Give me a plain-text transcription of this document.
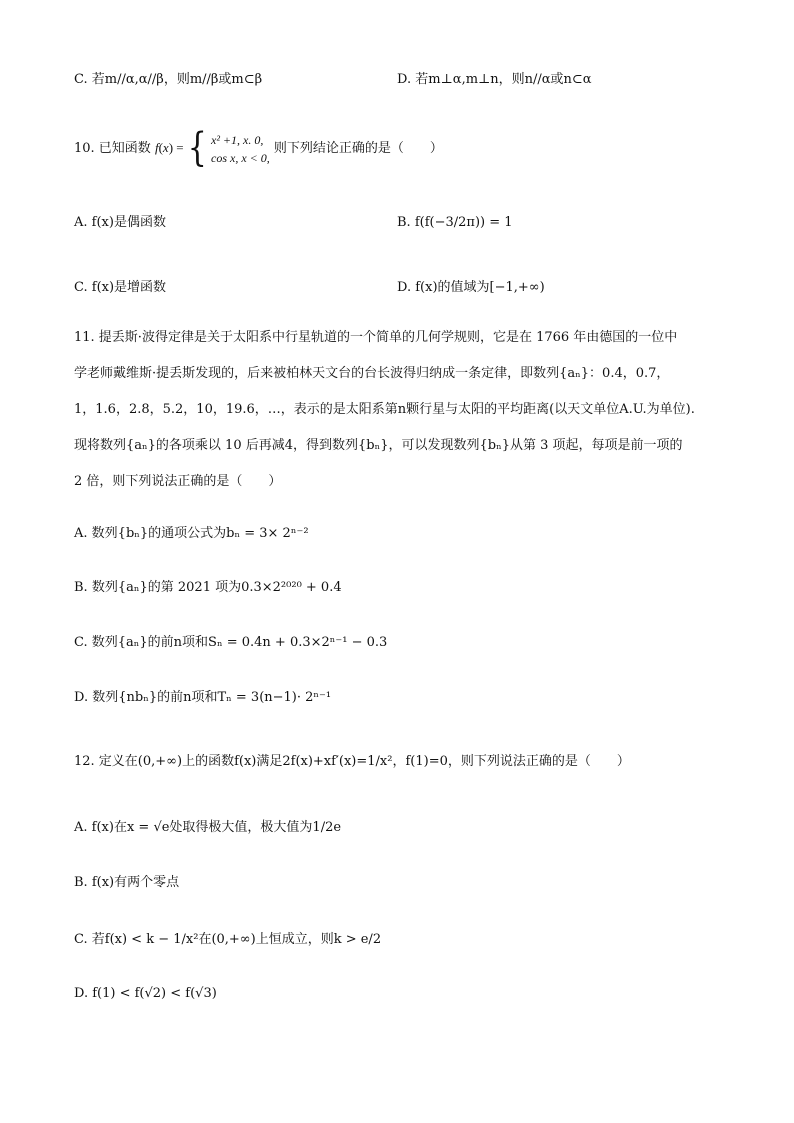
C. 若m//α,α//β，则m//β或m⊂β	D. 若m⊥α,m⊥n，则n//α或n⊂α
10. 已知函数 f(x) = { x² +1, x. 0,
cos x, x < 0,
则下列结论正确的是（　　）
A. f(x)是偶函数	B. f(f(−3/2π)) = 1
C. f(x)是增函数	D. f(x)的值域为[−1,+∞)
11. 提丢斯·波得定律是关于太阳系中行星轨道的一个简单的几何学规则，它是在 1766 年由德国的一位中
学老师戴维斯·提丢斯发现的，后来被柏林天文台的台长波得归纳成一条定律，即数列{aₙ}：0.4，0.7，
1，1.6，2.8，5.2，10，19.6，…，表示的是太阳系第n颗行星与太阳的平均距离(以天文单位A.U.为单位).
现将数列{aₙ}的各项乘以 10 后再减4，得到数列{bₙ}，可以发现数列{bₙ}从第 3 项起，每项是前一项的
2 倍，则下列说法正确的是（　　）
A. 数列{bₙ}的通项公式为bₙ = 3× 2ⁿ⁻²
B. 数列{aₙ}的第 2021 项为0.3×2²⁰²⁰ + 0.4
C. 数列{aₙ}的前n项和Sₙ = 0.4n + 0.3×2ⁿ⁻¹ − 0.3
D. 数列{nbₙ}的前n项和Tₙ = 3(n−1)· 2ⁿ⁻¹
12. 定义在(0,+∞)上的函数f(x)满足2f(x)+xf′(x)=1/x²，f(1)=0，则下列说法正确的是（　　）
A. f(x)在x = √e处取得极大值，极大值为1/2e
B. f(x)有两个零点
C. 若f(x) < k − 1/x²在(0,+∞)上恒成立，则k > e/2
D. f(1) < f(√2) < f(√3)
